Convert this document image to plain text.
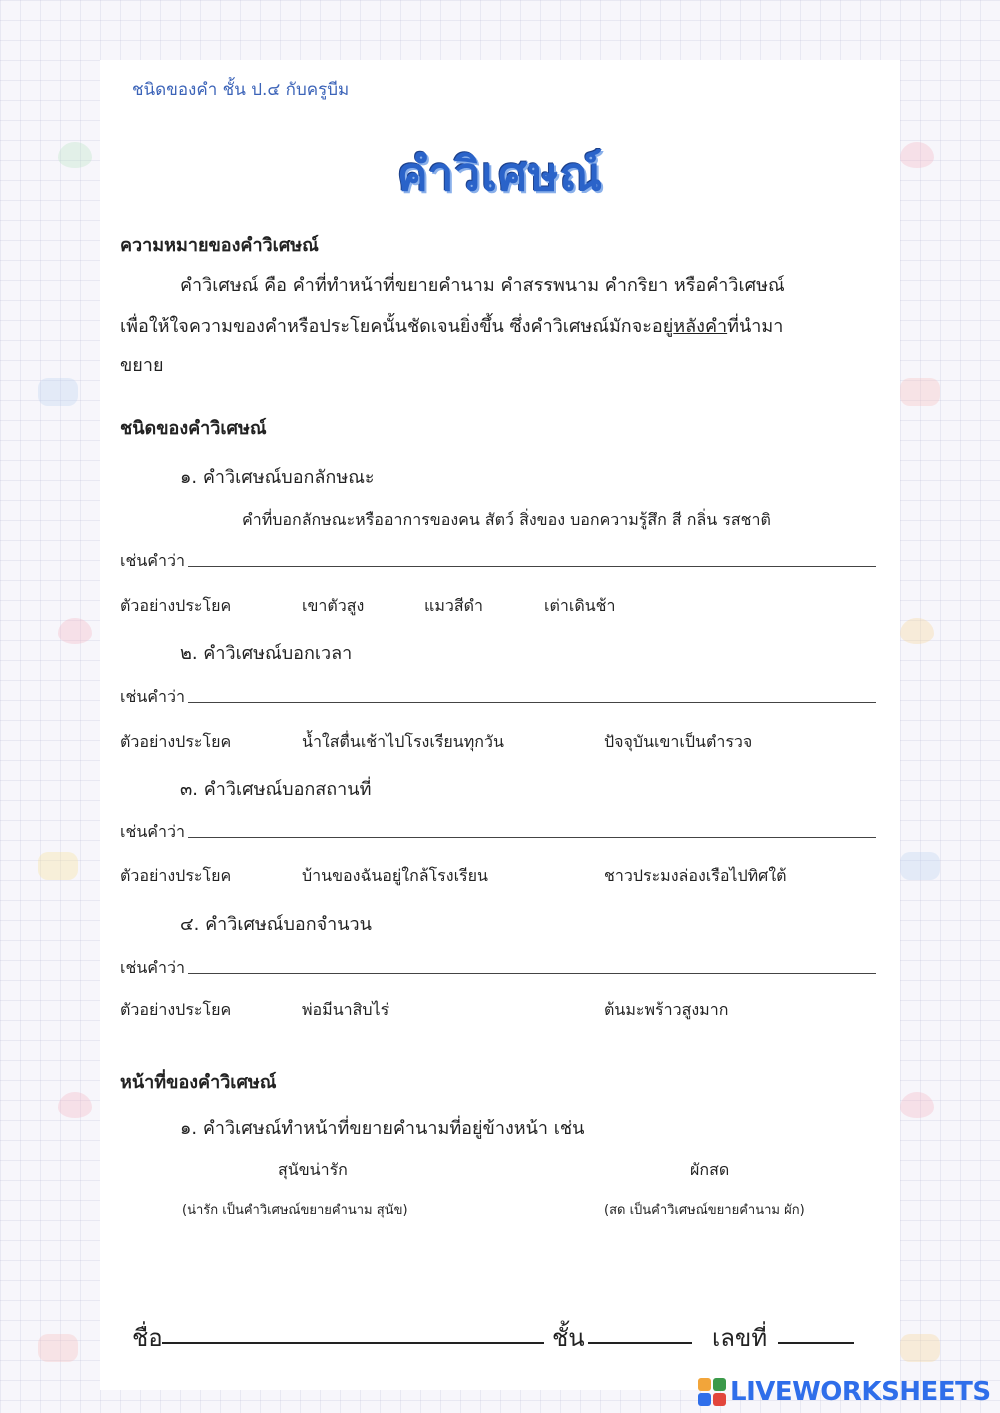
ชนิดของคำ ชั้น ป.๔ กับครูบีม
คำวิเศษณ์
ความหมายของคำวิเศษณ์
คำวิเศษณ์ คือ คำที่ทำหน้าที่ขยายคำนาม คำสรรพนาม คำกริยา หรือคำวิเศษณ์
เพื่อให้ใจความของคำหรือประโยคนั้นชัดเจนยิ่งขึ้น ซึ่งคำวิเศษณ์มักจะอยู่หลังคำที่นำมา
ขยาย
ชนิดของคำวิเศษณ์
๑. คำวิเศษณ์บอกลักษณะ
คำที่บอกลักษณะหรืออาการของคน สัตว์ สิ่งของ บอกความรู้สึก สี กลิ่น รสชาติ
เช่นคำว่า
ตัวอย่างประโยค	เขาตัวสูง	แมวสีดำ	เต่าเดินช้า
๒. คำวิเศษณ์บอกเวลา
เช่นคำว่า
ตัวอย่างประโยค	น้ำใสตื่นเช้าไปโรงเรียนทุกวัน	ปัจจุบันเขาเป็นตำรวจ
๓. คำวิเศษณ์บอกสถานที่
เช่นคำว่า
ตัวอย่างประโยค	บ้านของฉันอยู่ใกล้โรงเรียน	ชาวประมงล่องเรือไปทิศใต้
๔. คำวิเศษณ์บอกจำนวน
เช่นคำว่า
ตัวอย่างประโยค	พ่อมีนาสิบไร่	ต้นมะพร้าวสูงมาก
หน้าที่ของคำวิเศษณ์
๑. คำวิเศษณ์ทำหน้าที่ขยายคำนามที่อยู่ข้างหน้า เช่น
สุนัขน่ารัก	ผักสด
(น่ารัก เป็นคำวิเศษณ์ขยายคำนาม สุนัข)	(สด เป็นคำวิเศษณ์ขยายคำนาม ผัก)
ชื่อ	ชั้น	เลขที่
LIVEWORKSHEETS
